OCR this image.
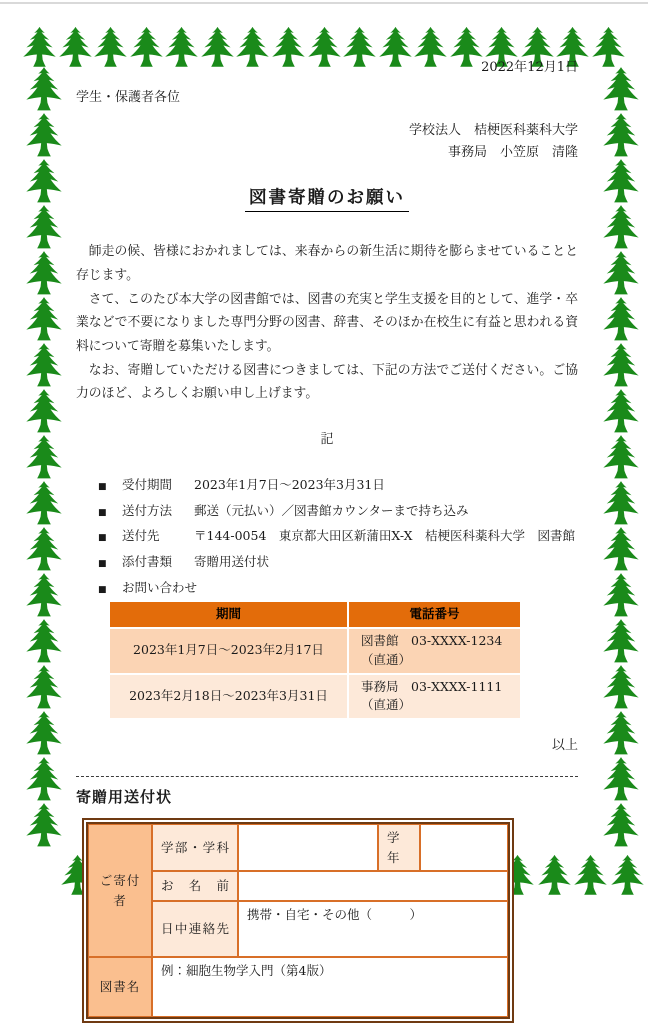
2022年12月1日
学生・保護者各位
学校法人　桔梗医科薬科大学
事務局　小笠原　清隆
図書寄贈のお願い

師走の候、皆様におかれましては、来春からの新生活に期待を膨らませていることと存じます。

さて、このたび本大学の図書館では、図書の充実と学生支援を目的として、進学・卒業などで不要になりました専門分野の図書、辞書、そのほか在校生に有益と思われる資料について寄贈を募集いたします。

なお、寄贈していただける図書につきましては、下記の方法でご送付ください。ご協力のほど、よろしくお願い申し上げます。

記
■	受付期間	2023年1月7日～2023年3月31日
■	送付方法	郵送（元払い）／図書館カウンターまで持ち込み
■	送付先	〒144-0054　東京都大田区新蒲田X-X　桔梗医科薬科大学　図書館
■	添付書類	寄贈用送付状
■	お問い合わせ
期間	電話番号
2023年1月7日～2023年2月17日	図書館　03-XXXX-1234（直通）
2023年2月18日～2023年3月31日	事務局　03-XXXX-1111（直通）
以上
寄贈用送付状
ご寄付者	学部・学科		学年	
	お名前			
	日中連絡先	携帯・自宅・その他（　　　）		
図書名	例：細胞生物学入門（第4版）			
